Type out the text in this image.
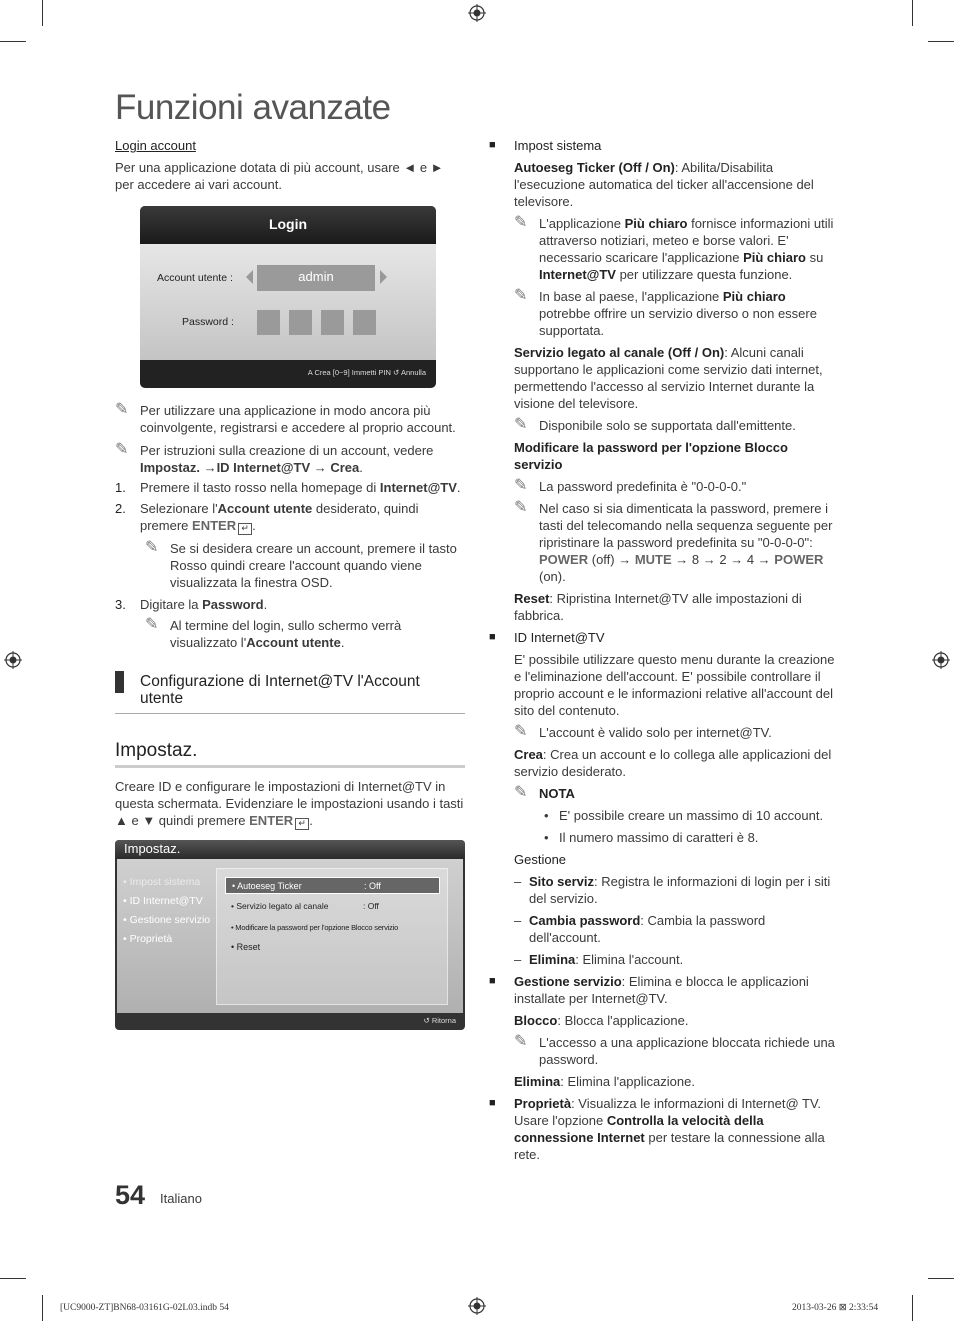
Funzioni avanzate
Login account
Per una applicazione dotata di più account, usare ◄ e ► per accedere ai vari account.
Login
Account utente :	admin
Password :
A Crea [0~9] Immetti PIN ↺ Annulla
✎ Per utilizzare una applicazione in modo ancora più coinvolgente, registrarsi e accedere al proprio account.
✎ Per istruzioni sulla creazione di un account, vedere Impostaz. →ID Internet@TV → Crea.
1. Premere il tasto rosso nella homepage di Internet@TV.
2. Selezionare l'Account utente desiderato, quindi premere ENTER ↵ .
✎ Se si desidera creare un account, premere il tasto Rosso quindi creare l'account quando viene visualizzata la finestra OSD.
3. Digitare la Password.
✎ Al termine del login, sullo schermo verrà visualizzato l'Account utente.
Configurazione di Internet@TV l'Account utente
Impostaz.
Creare ID e configurare le impostazioni di Internet@TV in questa schermata. Evidenziare le impostazioni usando i tasti ▲ e ▼ quindi premere ENTER ↵ .
Impostaz.
• Impost sistema
• ID Internet@TV
• Gestione servizio
• Proprietà
• Autoeseg Ticker	: Off
• Servizio legato al canale	: Off
• Modificare la password per l'opzione Blocco servizio
• Reset
↺ Ritorna
■ Impost sistema
Autoeseg Ticker (Off / On): Abilita/Disabilita l'esecuzione automatica del ticker all'accensione del televisore.
✎ L'applicazione Più chiaro fornisce informazioni utili attraverso notiziari, meteo e borse valori. E' necessario scaricare l'applicazione Più chiaro su Internet@TV per utilizzare questa funzione.
✎ In base al paese, l'applicazione Più chiaro potrebbe offrire un servizio diverso o non essere supportata.
Servizio legato al canale (Off / On): Alcuni canali supportano le applicazioni come servizio dati internet, permettendo l'accesso al servizio Internet durante la visione del televisore.
✎ Disponibile solo se supportata dall'emittente.
Modificare la password per l'opzione Blocco servizio
✎ La password predefinita è "0-0-0-0."
✎ Nel caso si sia dimenticata la password, premere i tasti del telecomando nella sequenza seguente per ripristinare la password predefinita su "0-0-0-0": POWER (off) → MUTE → 8 → 2 → 4 → POWER (on).
Reset: Ripristina Internet@TV alle impostazioni di fabbrica.
■ ID Internet@TV
E' possibile utilizzare questo menu durante la creazione e l'eliminazione dell'account. E' possibile controllare il proprio account e le informazioni relative all'account del sito del contenuto.
✎ L'account è valido solo per internet@TV.
Crea: Crea un account e lo collega alle applicazioni del servizio desiderato.
✎ NOTA
• E' possibile creare un massimo di 10 account.
• Il numero massimo di caratteri è 8.
Gestione
– Sito serviz: Registra le informazioni di login per i siti del servizio.
– Cambia password: Cambia la password dell'account.
– Elimina: Elimina l'account.
■ Gestione servizio: Elimina e blocca le applicazioni installate per Internet@TV.
Blocco: Blocca l'applicazione.
✎ L'accesso a una applicazione bloccata richiede una password.
Elimina: Elimina l'applicazione.
■ Proprietà: Visualizza le informazioni di Internet@ TV. Usare l'opzione Controlla la velocità della connessione Internet per testare la connessione alla rete.
54 Italiano
[UC9000-ZT]BN68-03161G-02L03.indb 54	2013-03-26 ⊠ 2:33:54
